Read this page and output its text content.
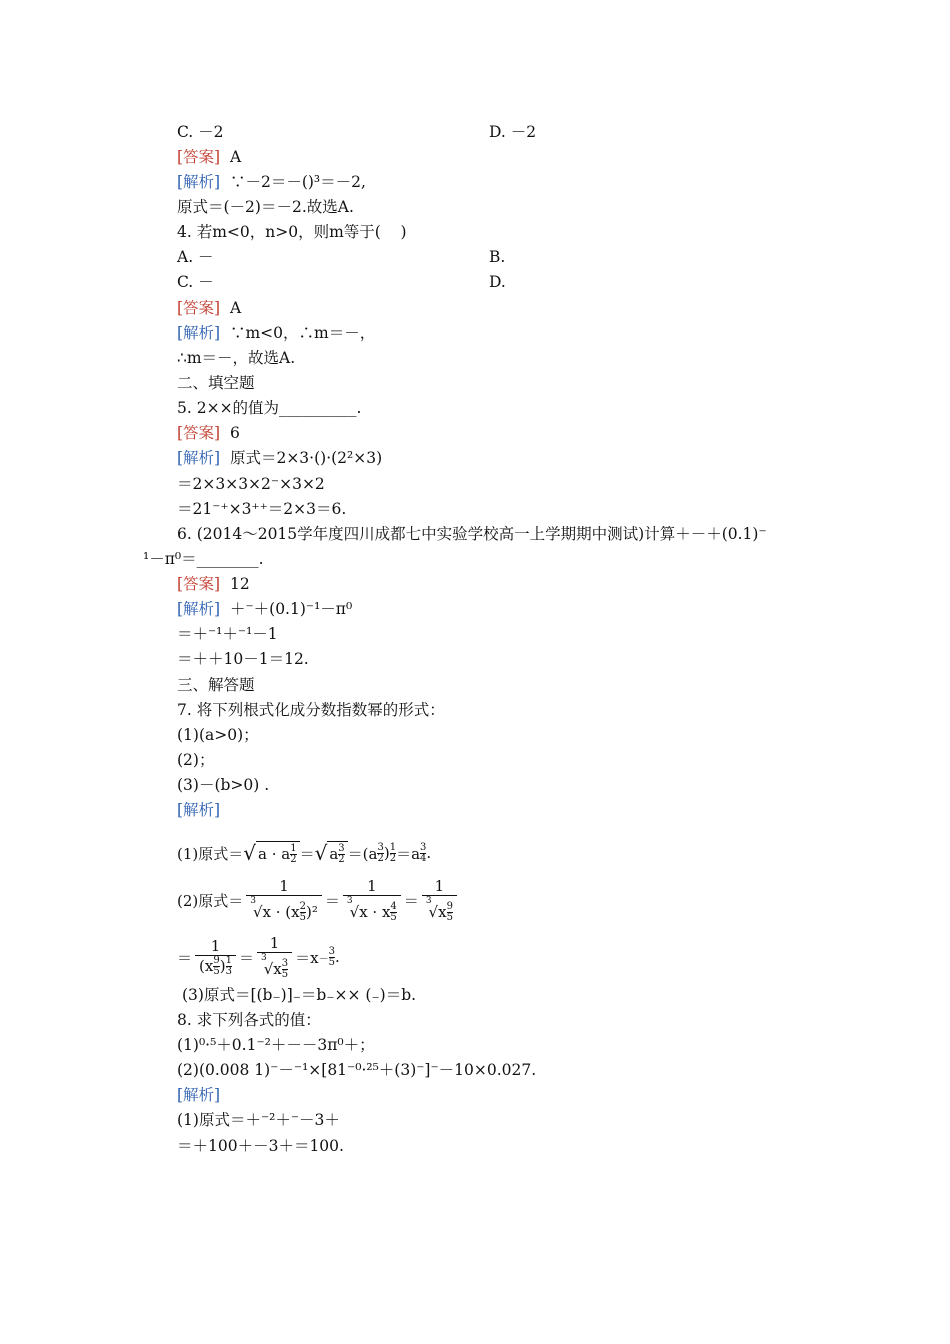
C. －2	D. －2
[答案]  A
[解析]  ∵－2＝－()³＝－2,
原式＝(－2)＝－2.故选A.
4. 若m<0，n>0，则m等于(    )
A. －	B.
C. －	D.
[答案]  A
[解析]  ∵m<0，∴m＝－，
∴m＝－，故选A.
二、填空题
5. 2××的值为__________.
[答案]  6
[解析]  原式＝2×3·()·(2²×3)
＝2×3×3×2⁻×3×2
＝21⁻⁺×3⁺⁺＝2×3＝6.
6. (2014～2015学年度四川成都七中实验学校高一上学期期中测试)计算＋－＋(0.1)⁻
¹－π⁰＝________.
[答案]  12
[解析]  ＋⁻＋(0.1)⁻¹－π⁰
＝＋⁻¹＋⁻¹－1
＝＋＋10－1＝12.
三、解答题
7. 将下列根式化成分数指数幂的形式：
(1)(a>0)；
(2)；
(3)－(b>0) .
[解析]
(1)原式＝ √ a · a $\frac{1}{2}$ ＝ √ a $\frac{3}{2} =(a$ 3
2 ) 1
2 ＝a 3
4 .
(2)原式＝ $\frac{1}{^3√x \cdot (x \frac{2}{5} )^2} = \frac{1}{^3√x \cdot x \frac{4}{5}} = \frac{1}{^3√x \frac{9}{5}}$
＝ $\frac{1}{(x \frac{9}{5} ) \frac{1}{3}} = \frac{1}{^3√x \frac{3}{5}} =x$ －
3
5 .
(3)原式＝[(b₋)]₋＝b₋×× (₋)＝b.
8. 求下列各式的值：
(1)⁰·⁵＋0.1⁻²＋－－3π⁰＋；
(2)(0.008 1)⁻－⁻¹×[81⁻⁰·²⁵＋(3)⁻]⁻－10×0.027.
[解析]
(1)原式＝＋⁻²＋⁻－3＋
＝＋100＋－3＋＝100.
